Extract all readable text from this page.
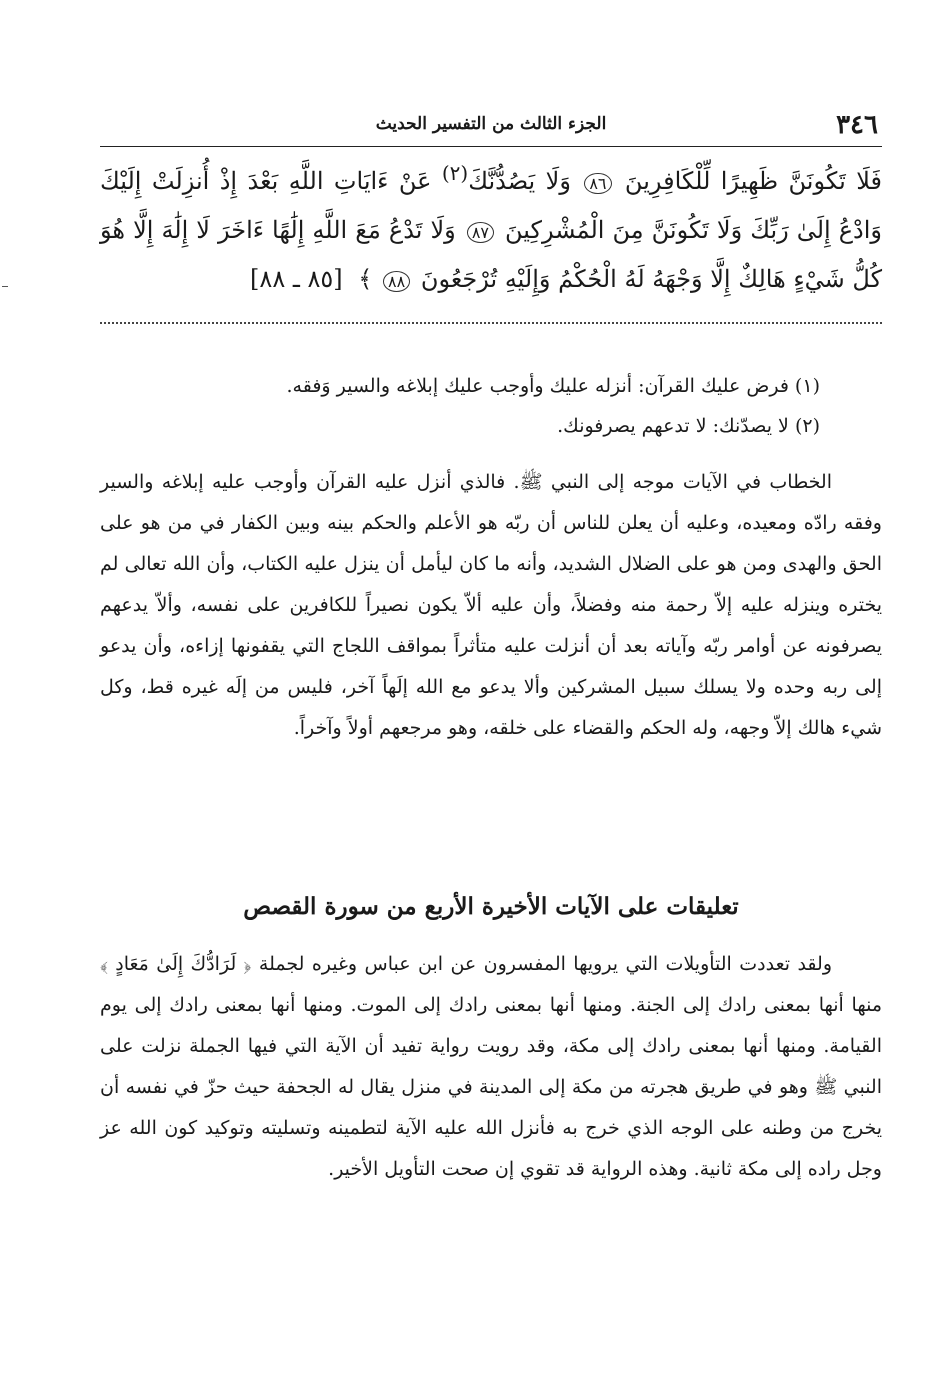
٣٤٦
الجزء الثالث من التفسير الحديث
فَلَا تَكُونَنَّ ظَهِيرًا لِّلْكَافِرِينَ ٨٦ وَلَا يَصُدُّنَّكَ$^{(٢)}$ عَنْ ءَايَاتِ اللَّهِ بَعْدَ إِذْ أُنزِلَتْ إِلَيْكَ وَادْعُ إِلَىٰ رَبِّكَ وَلَا تَكُونَنَّ مِنَ الْمُشْرِكِينَ ٨٧ وَلَا تَدْعُ مَعَ اللَّهِ إِلَٰهًا ءَاخَرَ لَا إِلَٰهَ إِلَّا هُوَ كُلُّ شَيْءٍ هَالِكٌ إِلَّا وَجْهَهُ لَهُ الْحُكْمُ وَإِلَيْهِ تُرْجَعُونَ ٨٨ ﴾ [٨٥ ـ ٨٨]
(١) فرض عليك القرآن: أنزله عليك وأوجب عليك إبلاغه والسير وَفقه.
(٢) لا يصدّنك: لا تدعهم يصرفونك.

الخطاب في الآيات موجه إلى النبي ﷺ. فالذي أنزل عليه القرآن وأوجب عليه إبلاغه والسير وفقه رادّه ومعيده، وعليه أن يعلن للناس أن ربّه هو الأعلم والحكم بينه وبين الكفار في من هو على الحق والهدى ومن هو على الضلال الشديد، وأنه ما كان ليأمل أن ينزل عليه الكتاب، وأن الله تعالى لم يختره وينزله عليه إلاّ رحمة منه وفضلاً، وأن عليه ألاّ يكون نصيراً للكافرين على نفسه، وألاّ يدعهم يصرفونه عن أوامر ربّه وآياته بعد أن أنزلت عليه متأثراً بمواقف اللجاج التي يقفونها إزاءه، وأن يدعو إلى ربه وحده ولا يسلك سبيل المشركين وألا يدعو مع الله إلَهاً آخر، فليس من إلَه غيره قط، وكل شيء هالك إلاّ وجهه، وله الحكم والقضاء على خلقه، وهو مرجعهم أولاً وآخراً.

تعليقات على الآيات الأخيرة الأربع من سورة القصص

ولقد تعددت التأويلات التي يرويها المفسرون عن ابن عباس وغيره لجملة ﴿ لَرَادُّكَ إِلَىٰ مَعَادٍ ﴾ منها أنها بمعنى رادك إلى الجنة. ومنها أنها بمعنى رادك إلى الموت. ومنها أنها بمعنى رادك إلى يوم القيامة. ومنها أنها بمعنى رادك إلى مكة، وقد رويت رواية تفيد أن الآية التي فيها الجملة نزلت على النبي ﷺ وهو في طريق هجرته من مكة إلى المدينة في منزل يقال له الجحفة حيث حزّ في نفسه أن يخرج من وطنه على الوجه الذي خرج به فأنزل الله عليه الآية لتطمينه وتسليته وتوكيد كون الله عز وجل راده إلى مكة ثانية. وهذه الرواية قد تقوي إن صحت التأويل الأخير.
